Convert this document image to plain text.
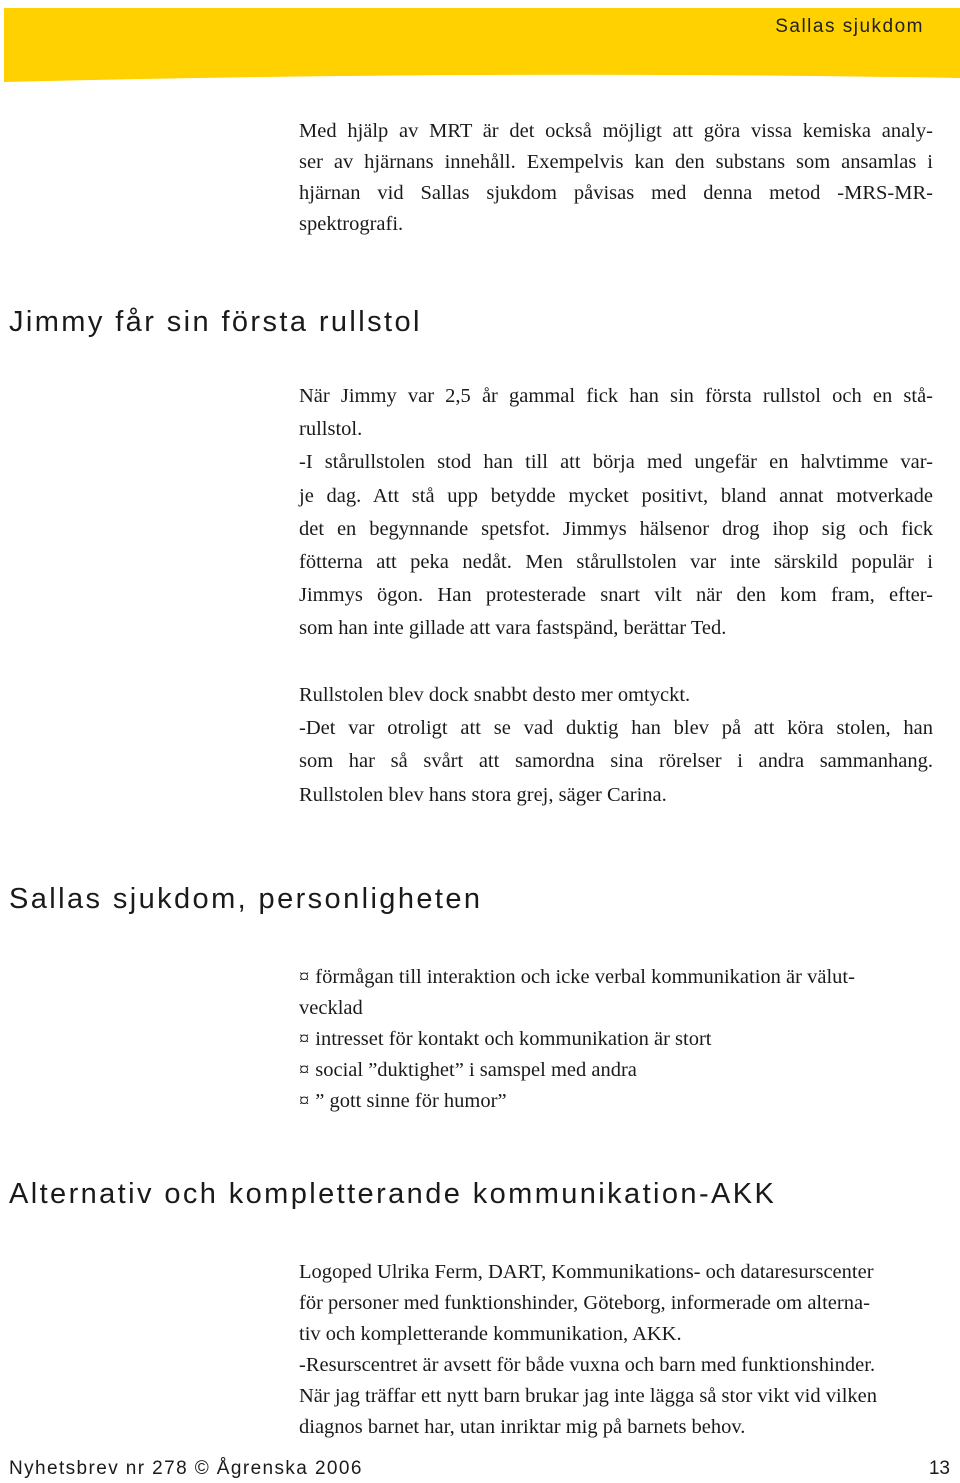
Sallas sjukdom

Med hjälp av MRT är det också möjligt att göra vissa kemiska analy-
ser av hjärnans innehåll. Exempelvis kan den substans som ansamlas i
hjärnan vid Sallas sjukdom påvisas med denna metod -MRS-MR-
spektrografi.

Jimmy får sin första rullstol

När Jimmy var 2,5 år gammal fick han sin första rullstol och en stå-
rullstol.
-I stårullstolen stod han till att börja med ungefär en halvtimme var-
je dag. Att stå upp betydde mycket positivt, bland annat motverkade
det en begynnande spetsfot. Jimmys hälsenor drog ihop sig och fick
fötterna att peka nedåt. Men stårullstolen var inte särskild populär i
Jimmys ögon. Han protesterade snart vilt när den kom fram, efter-
som han inte gillade att vara fastspänd, berättar Ted.

Rullstolen blev dock snabbt desto mer omtyckt.
-Det var otroligt att se vad duktig han blev på att köra stolen, han
som har så svårt att samordna sina rörelser i andra sammanhang.
Rullstolen blev hans stora grej, säger Carina.

Sallas sjukdom, personligheten
¤ förmågan till interaktion och icke verbal kommunikation är välut-
vecklad
¤ intresset för kontakt och kommunikation är stort
¤ social ”duktighet” i samspel med andra
¤ ” gott sinne för humor”
Alternativ och kompletterande kommunikation-AKK

Logoped Ulrika Ferm, DART, Kommunikations- och dataresurscenter
för personer med funktionshinder, Göteborg, informerade om alterna-
tiv och kompletterande kommunikation, AKK.
-Resurscentret är avsett för både vuxna och barn med funktionshinder.
När jag träffar ett nytt barn brukar jag inte lägga så stor vikt vid vilken
diagnos barnet har, utan inriktar mig på barnets behov.

Nyhetsbrev nr 278 © Ågrenska 2006	13
